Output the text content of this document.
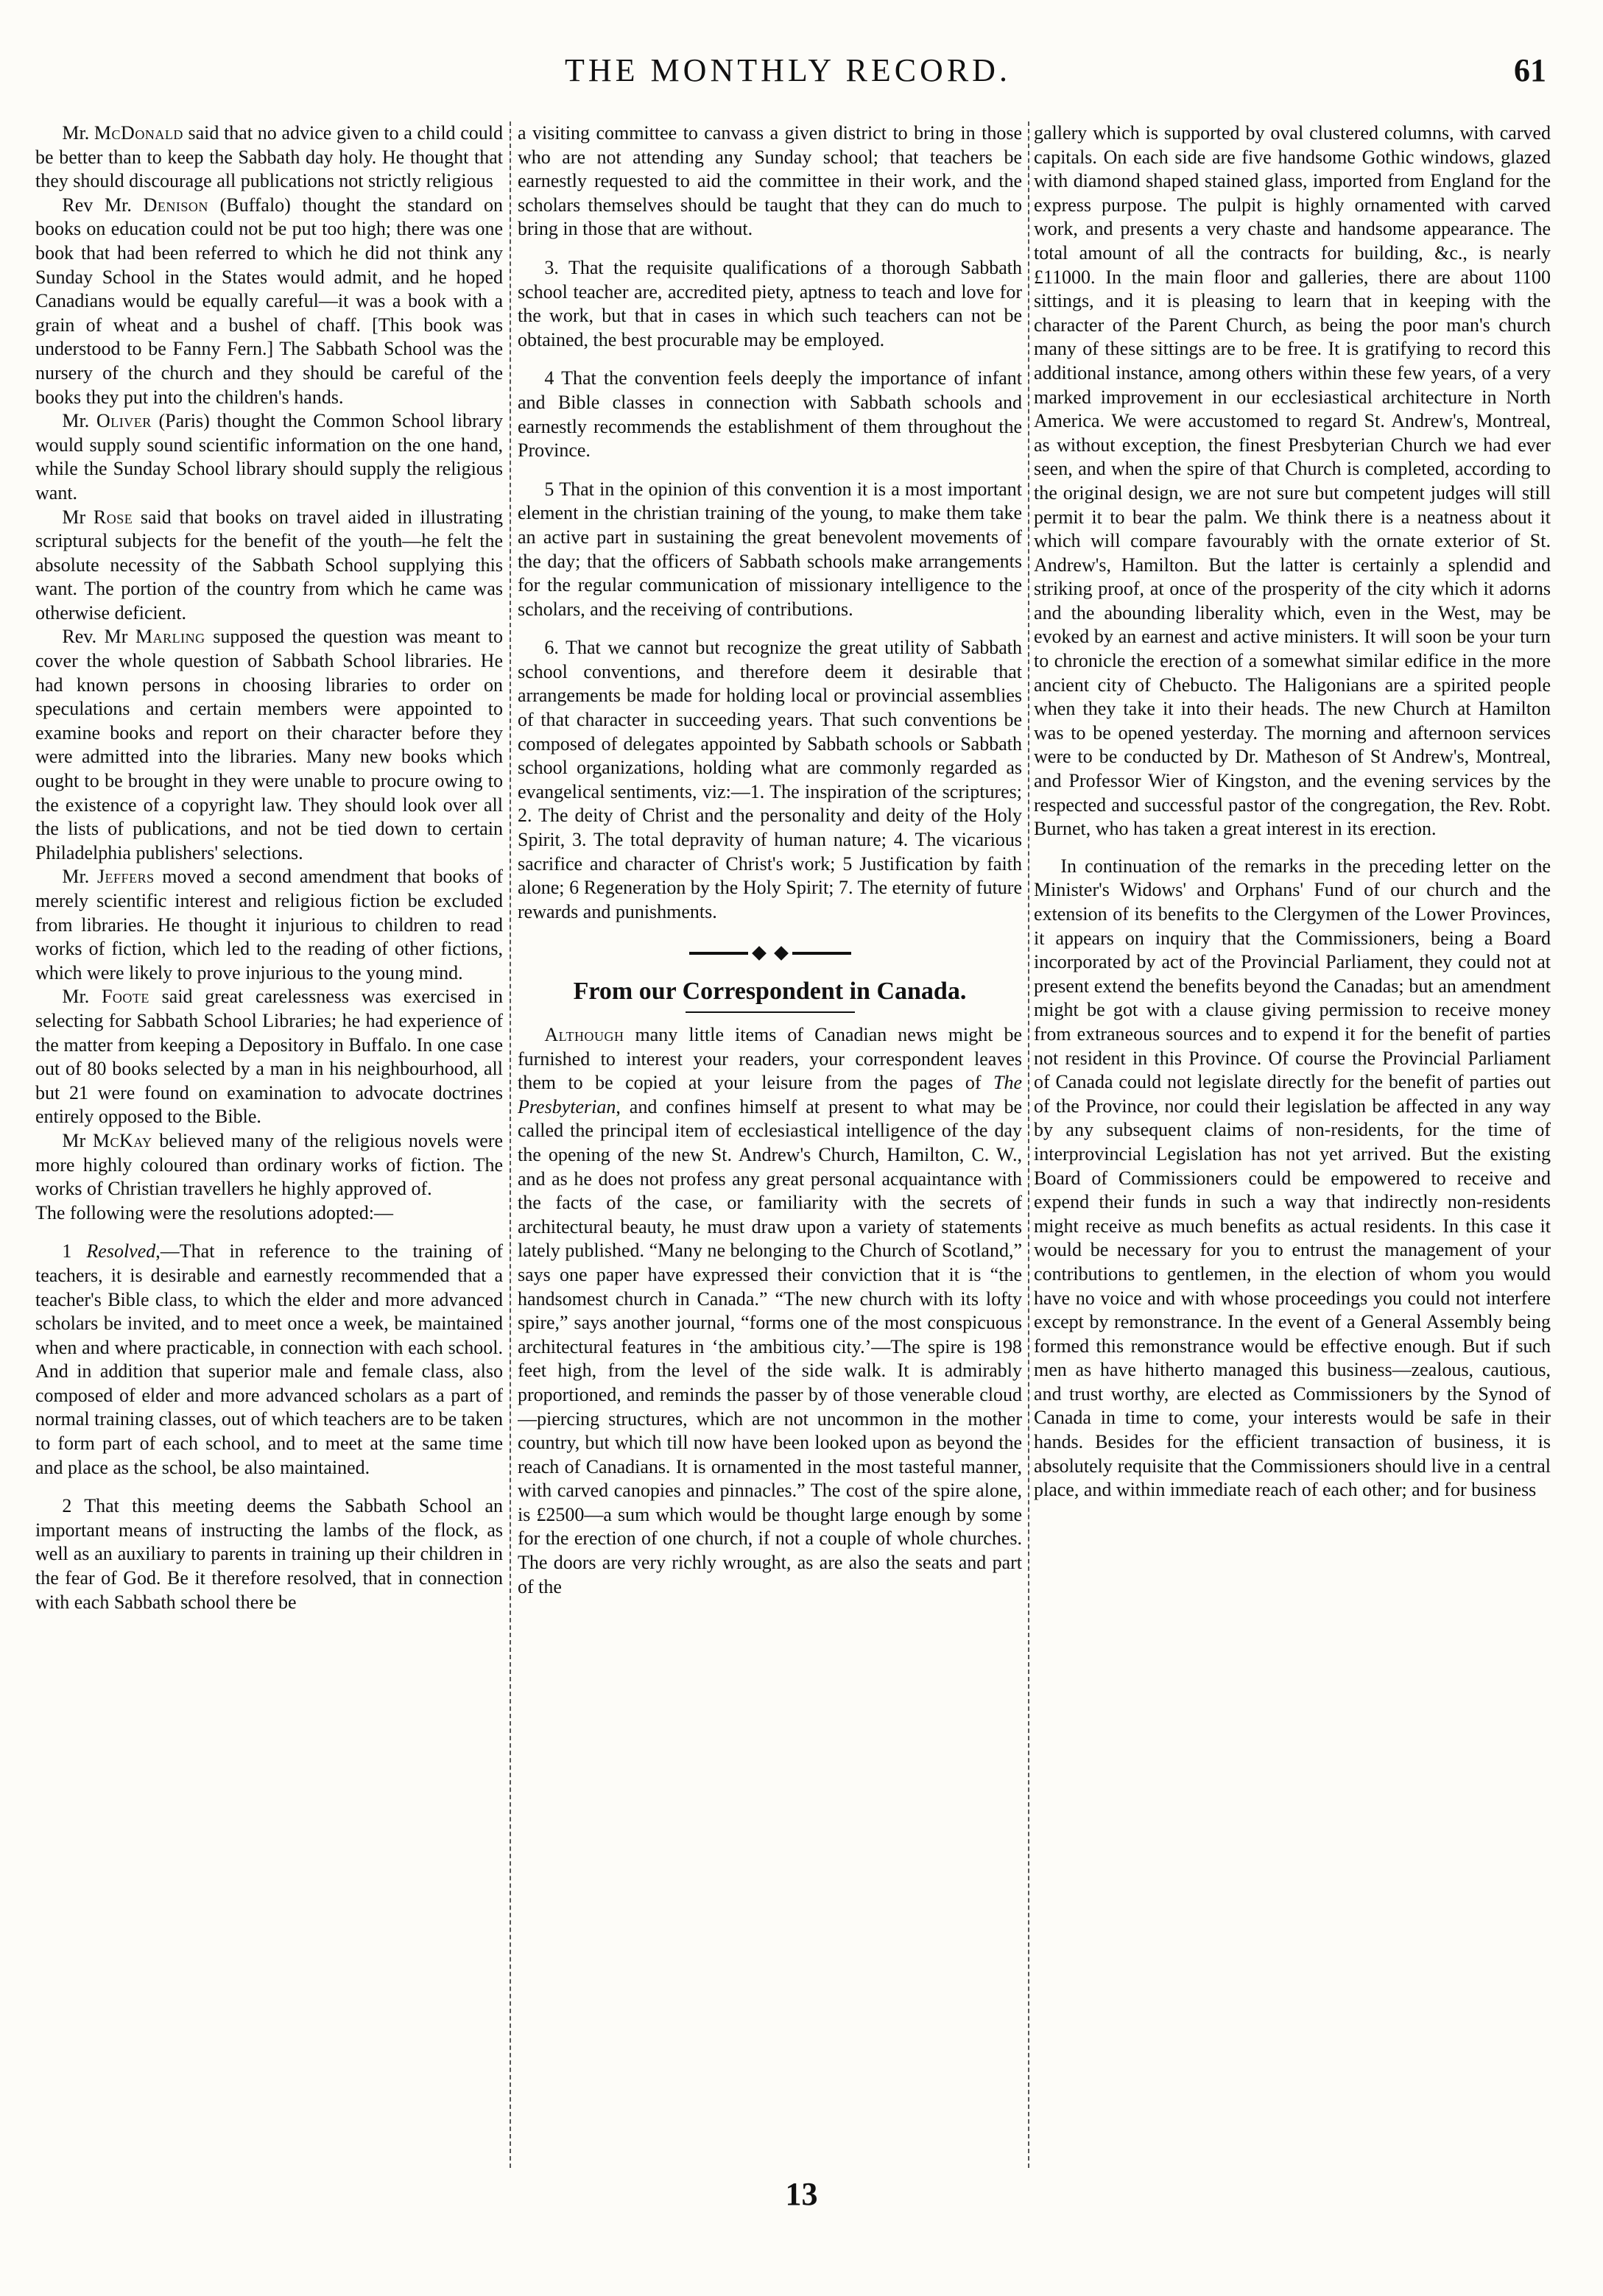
THE MONTHLY RECORD.	61

Mr. McDonald said that no advice given to a child could be better than to keep the Sabbath day holy. He thought that they should discourage all publications not strictly religious

Rev Mr. Denison (Buffalo) thought the standard on books on education could not be put too high; there was one book that had been referred to which he did not think any Sunday School in the States would admit, and he hoped Canadians would be equally careful—it was a book with a grain of wheat and a bushel of chaff. [This book was understood to be Fanny Fern.] The Sabbath School was the nursery of the church and they should be careful of the books they put into the children's hands.

Mr. Oliver (Paris) thought the Common School library would supply sound scientific information on the one hand, while the Sunday School library should supply the religious want.

Mr Rose said that books on travel aided in illustrating scriptural subjects for the benefit of the youth—he felt the absolute necessity of the Sabbath School supplying this want. The portion of the country from which he came was otherwise deficient.

Rev. Mr Marling supposed the question was meant to cover the whole question of Sabbath School libraries. He had known persons in choosing libraries to order on speculations and certain members were appointed to examine books and report on their character before they were admitted into the libraries. Many new books which ought to be brought in they were unable to procure owing to the existence of a copyright law. They should look over all the lists of publications, and not be tied down to certain Philadelphia publishers' selections.

Mr. Jeffers moved a second amendment that books of merely scientific interest and religious fiction be excluded from libraries. He thought it injurious to children to read works of fiction, which led to the reading of other fictions, which were likely to prove injurious to the young mind.

Mr. Foote said great carelessness was exercised in selecting for Sabbath School Libraries; he had experience of the matter from keeping a Depository in Buffalo. In one case out of 80 books selected by a man in his neighbourhood, all but 21 were found on examination to advocate doctrines entirely opposed to the Bible.

Mr McKay believed many of the religious novels were more highly coloured than ordinary works of fiction. The works of Christian travellers he highly approved of.

The following were the resolutions adopted:—

1 Resolved,—That in reference to the training of teachers, it is desirable and earnestly recommended that a teacher's Bible class, to which the elder and more advanced scholars be invited, and to meet once a week, be maintained when and where practicable, in connection with each school. And in addition that superior male and female class, also composed of elder and more advanced scholars as a part of normal training classes, out of which teachers are to be taken to form part of each school, and to meet at the same time and place as the school, be also maintained.

2 That this meeting deems the Sabbath School an important means of instructing the lambs of the flock, as well as an auxiliary to parents in training up their children in the fear of God. Be it therefore resolved, that in connection with each Sabbath school there be

a visiting committee to canvass a given district to bring in those who are not attending any Sunday school; that teachers be earnestly requested to aid the committee in their work, and the scholars themselves should be taught that they can do much to bring in those that are without.

3. That the requisite qualifications of a thorough Sabbath school teacher are, accredited piety, aptness to teach and love for the work, but that in cases in which such teachers can not be obtained, the best procurable may be employed.

4 That the convention feels deeply the importance of infant and Bible classes in connection with Sabbath schools and earnestly recommends the establishment of them throughout the Province.

5 That in the opinion of this convention it is a most important element in the christian training of the young, to make them take an active part in sustaining the great benevolent movements of the day; that the officers of Sabbath schools make arrangements for the regular communication of missionary intelligence to the scholars, and the receiving of contributions.

6. That we cannot but recognize the great utility of Sabbath school conventions, and therefore deem it desirable that arrangements be made for holding local or provincial assemblies of that character in succeeding years. That such conventions be composed of delegates appointed by Sabbath schools or Sabbath school organizations, holding what are commonly regarded as evangelical sentiments, viz:—1. The inspiration of the scriptures; 2. The deity of Christ and the personality and deity of the Holy Spirit, 3. The total depravity of human nature; 4. The vicarious sacrifice and character of Christ's work; 5 Justification by faith alone; 6 Regeneration by the Holy Spirit; 7. The eternity of future rewards and punishments.

From our Correspondent in Canada.

Although many little items of Canadian news might be furnished to interest your readers, your correspondent leaves them to be copied at your leisure from the pages of The Presbyterian, and confines himself at present to what may be called the principal item of ecclesiastical intelligence of the day the opening of the new St. Andrew's Church, Hamilton, C. W., and as he does not profess any great personal acquaintance with the facts of the case, or familiarity with the secrets of architectural beauty, he must draw upon a variety of statements lately published. “Many ne belonging to the Church of Scotland,” says one paper have expressed their conviction that it is “the handsomest church in Canada.” “The new church with its lofty spire,” says another journal, “forms one of the most conspicuous architectural features in ‘the ambitious city.’—The spire is 198 feet high, from the level of the side walk. It is admirably proportioned, and reminds the passer by of those venerable cloud—piercing structures, which are not uncommon in the mother country, but which till now have been looked upon as beyond the reach of Canadians. It is ornamented in the most tasteful manner, with carved canopies and pinnacles.” The cost of the spire alone, is £2500—a sum which would be thought large enough by some for the erection of one church, if not a couple of whole churches. The doors are very richly wrought, as are also the seats and part of the

gallery which is supported by oval clustered columns, with carved capitals. On each side are five handsome Gothic windows, glazed with diamond shaped stained glass, imported from England for the express purpose. The pulpit is highly ornamented with carved work, and presents a very chaste and handsome appearance. The total amount of all the contracts for building, &c., is nearly £11000. In the main floor and galleries, there are about 1100 sittings, and it is pleasing to learn that in keeping with the character of the Parent Church, as being the poor man's church many of these sittings are to be free. It is gratifying to record this additional instance, among others within these few years, of a very marked improvement in our ecclesiastical architecture in North America. We were accustomed to regard St. Andrew's, Montreal, as without exception, the finest Presbyterian Church we had ever seen, and when the spire of that Church is completed, according to the original design, we are not sure but competent judges will still permit it to bear the palm. We think there is a neatness about it which will compare favourably with the ornate exterior of St. Andrew's, Hamilton. But the latter is certainly a splendid and striking proof, at once of the prosperity of the city which it adorns and the abounding liberality which, even in the West, may be evoked by an earnest and active ministers. It will soon be your turn to chronicle the erection of a somewhat similar edifice in the more ancient city of Chebucto. The Haligonians are a spirited people when they take it into their heads. The new Church at Hamilton was to be opened yesterday. The morning and afternoon services were to be conducted by Dr. Matheson of St Andrew's, Montreal, and Professor Wier of Kingston, and the evening services by the respected and successful pastor of the congregation, the Rev. Robt. Burnet, who has taken a great interest in its erection.

In continuation of the remarks in the preceding letter on the Minister's Widows' and Orphans' Fund of our church and the extension of its benefits to the Clergymen of the Lower Provinces, it appears on inquiry that the Commissioners, being a Board incorporated by act of the Provincial Parliament, they could not at present extend the benefits beyond the Canadas; but an amendment might be got with a clause giving permission to receive money from extraneous sources and to expend it for the benefit of parties not resident in this Province. Of course the Provincial Parliament of Canada could not legislate directly for the benefit of parties out of the Province, nor could their legislation be affected in any way by any subsequent claims of non-residents, for the time of interprovincial Legislation has not yet arrived. But the existing Board of Commissioners could be empowered to receive and expend their funds in such a way that indirectly non-residents might receive as much benefits as actual residents. In this case it would be necessary for you to entrust the management of your contributions to gentlemen, in the election of whom you would have no voice and with whose proceedings you could not interfere except by remonstrance. In the event of a General Assembly being formed this remonstrance would be effective enough. But if such men as have hitherto managed this business—zealous, cautious, and trust worthy, are elected as Commissioners by the Synod of Canada in time to come, your interests would be safe in their hands. Besides for the efficient transaction of business, it is absolutely requisite that the Commissioners should live in a central place, and within immediate reach of each other; and for business

13
